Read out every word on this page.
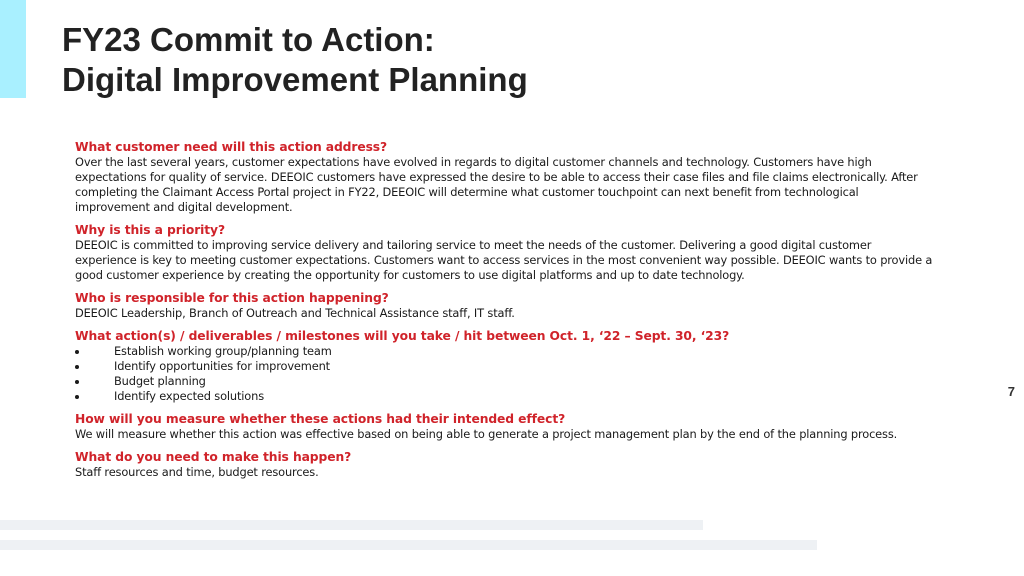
FY23 Commit to Action:
Digital Improvement Planning
What customer need will this action address?

Over the last several years, customer expectations have evolved in regards to digital customer channels and technology. Customers have high expectations for quality of service. DEEOIC customers have expressed the desire to be able to access their case files and file claims electronically. After completing the Claimant Access Portal project in FY22, DEEOIC will determine what customer touchpoint can next benefit from technological improvement and digital development.

Why is this a priority?

DEEOIC is committed to improving service delivery and tailoring service to meet the needs of the customer. Delivering a good digital customer experience is key to meeting customer expectations. Customers want to access services in the most convenient way possible. DEEOIC wants to provide a good customer experience by creating the opportunity for customers to use digital platforms and up to date technology.

Who is responsible for this action happening?

DEEOIC Leadership, Branch of Outreach and Technical Assistance staff, IT staff.

What action(s) / deliverables / milestones will you take / hit between Oct. 1, ‘22 – Sept. 30, ‘23?
Establish working group/planning team
Identify opportunities for improvement
Budget planning
Identify expected solutions
How will you measure whether these actions had their intended effect?

We will measure whether this action was effective based on being able to generate a project management plan by the end of the planning process.

What do you need to make this happen?

Staff resources and time, budget resources.

7
